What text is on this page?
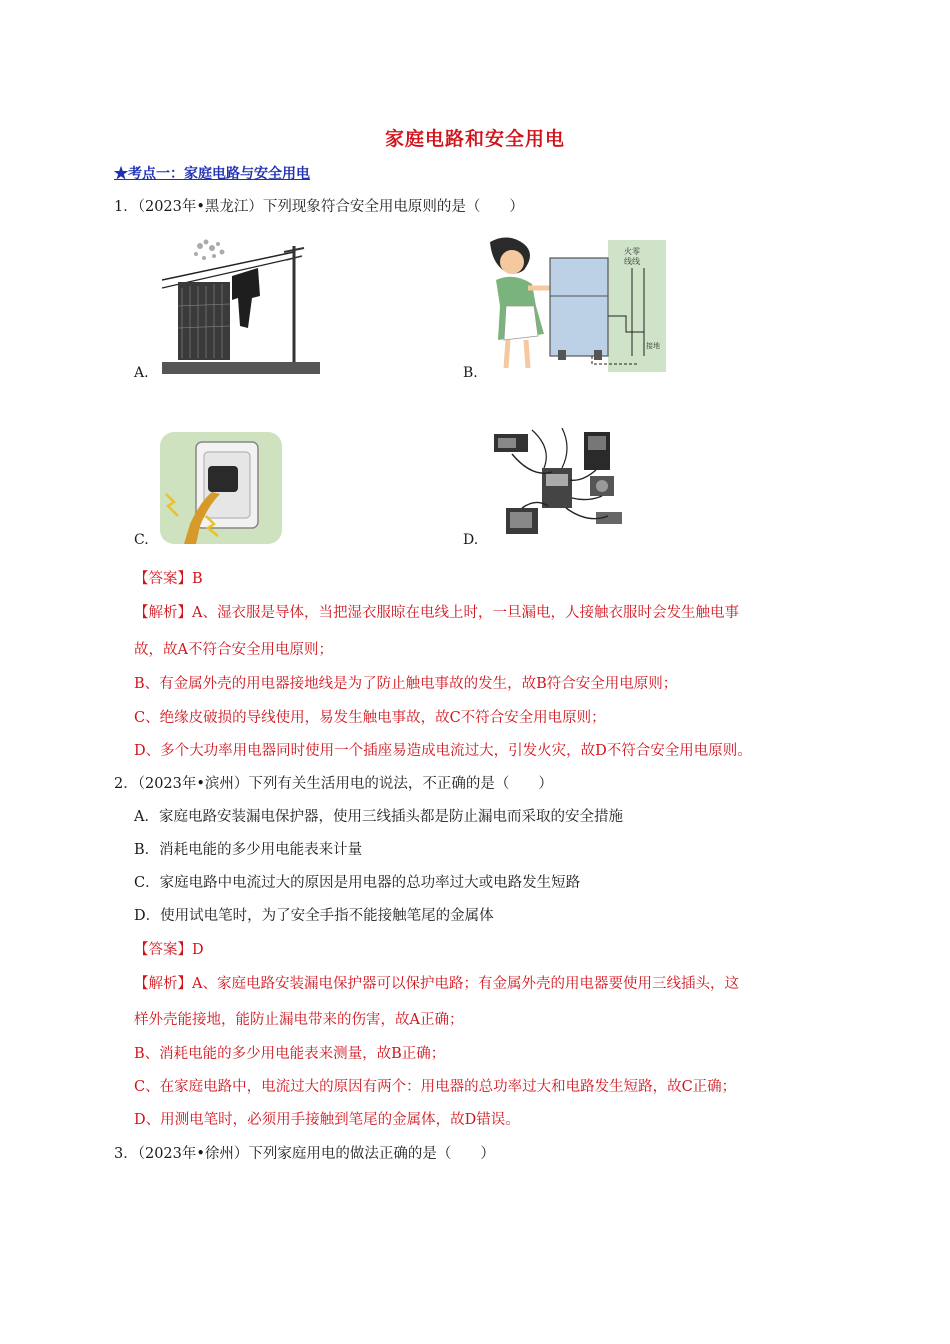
家庭电路和安全用电
★考点一：家庭电路与安全用电
1．（2023年•黑龙江）下列现象符合安全用电原则的是（　　）
A.
火零
线线
接地
B.
C.	D.
【答案】B
【解析】A、湿衣服是导体，当把湿衣服晾在电线上时，一旦漏电，人接触衣服时会发生触电事
故，故A不符合安全用电原则；
B、有金属外壳的用电器接地线是为了防止触电事故的发生，故B符合安全用电原则；
C、绝缘皮破损的导线使用，易发生触电事故，故C不符合安全用电原则；
D、多个大功率用电器同时使用一个插座易造成电流过大，引发火灾，故D不符合安全用电原则。
2．（2023年•滨州）下列有关生活用电的说法，不正确的是（　　）
A．家庭电路安装漏电保护器，使用三线插头都是防止漏电而采取的安全措施
B．消耗电能的多少用电能表来计量
C．家庭电路中电流过大的原因是用电器的总功率过大或电路发生短路
D．使用试电笔时，为了安全手指不能接触笔尾的金属体
【答案】D
【解析】A、家庭电路安装漏电保护器可以保护电路；有金属外壳的用电器要使用三线插头，这
样外壳能接地，能防止漏电带来的伤害，故A正确；
B、消耗电能的多少用电能表来测量，故B正确；
C、在家庭电路中，电流过大的原因有两个：用电器的总功率过大和电路发生短路，故C正确；
D、用测电笔时，必须用手接触到笔尾的金属体，故D错误。
3．（2023年•徐州）下列家庭用电的做法正确的是（　　）
